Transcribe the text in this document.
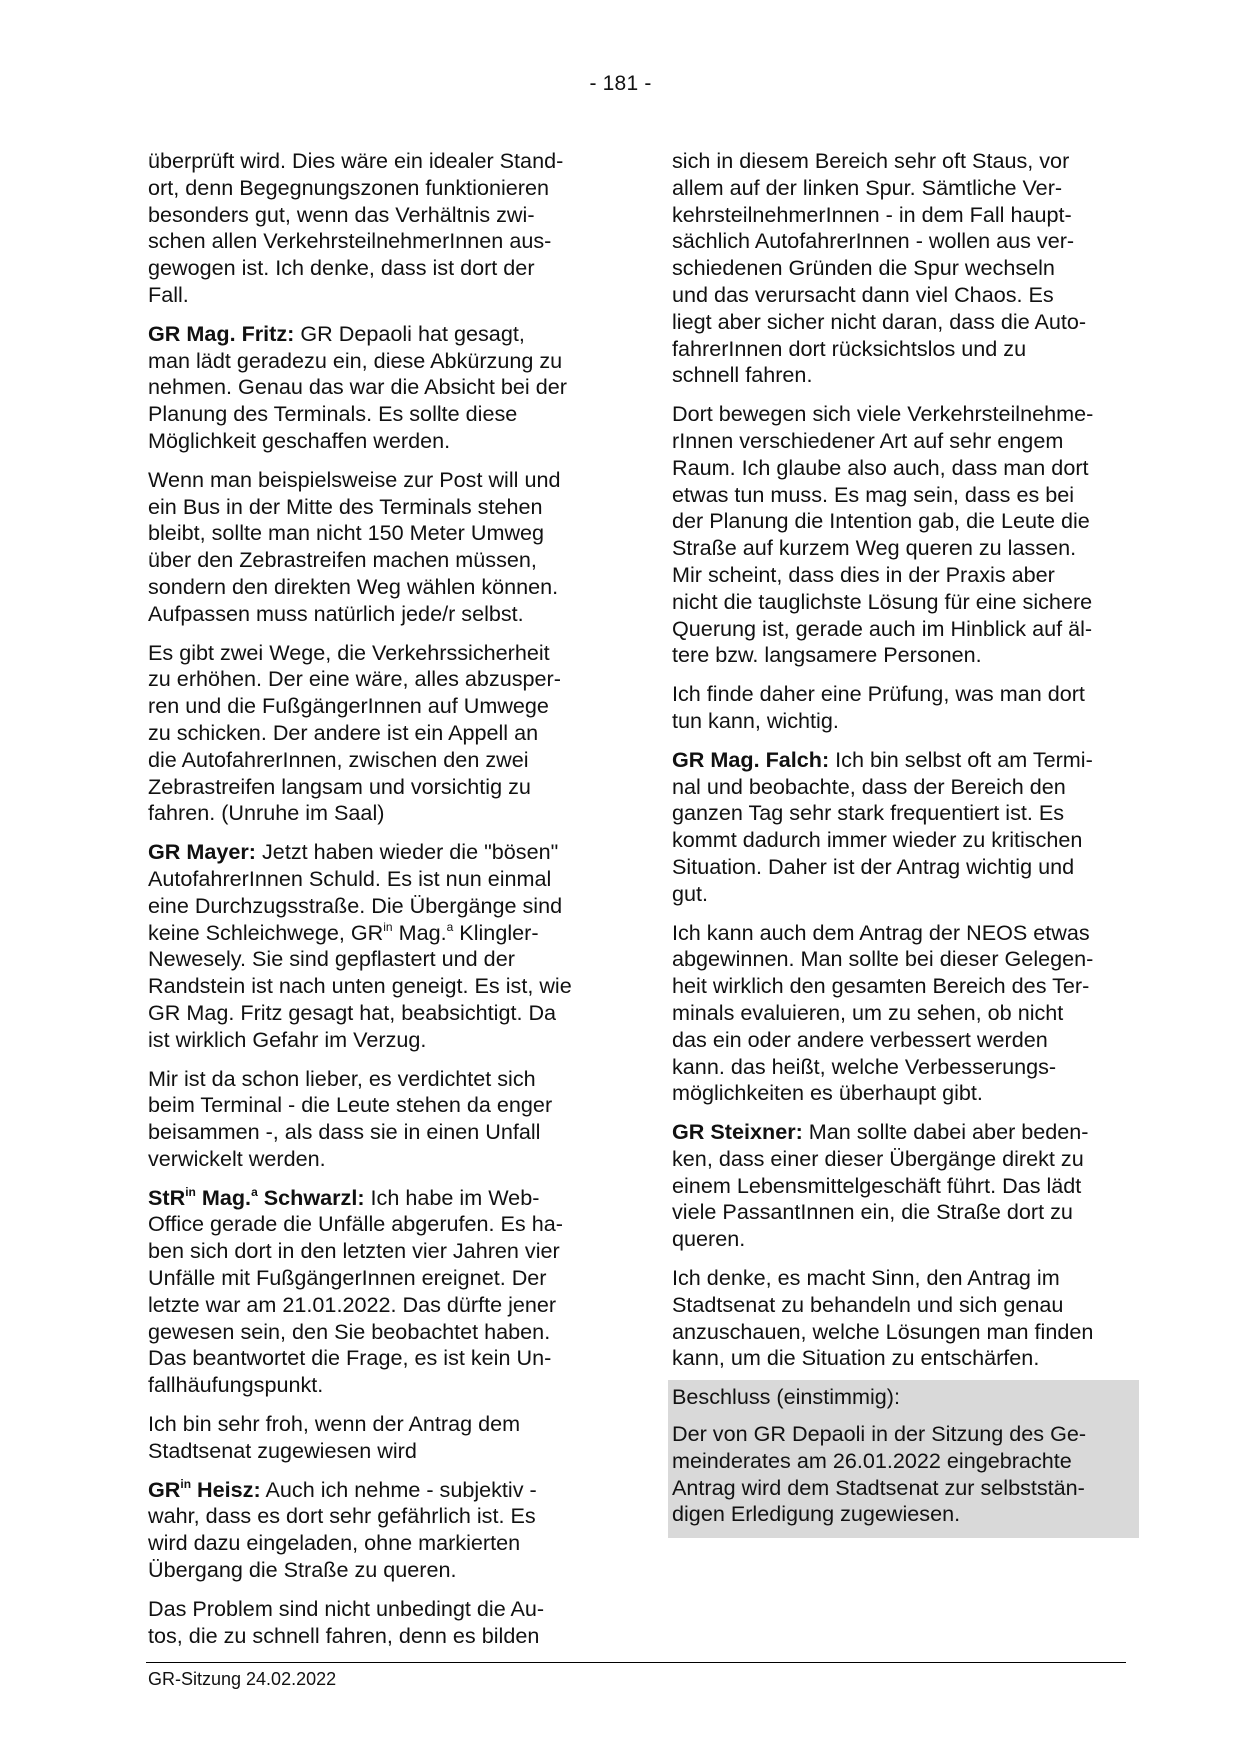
- 181 -

überprüft wird. Dies wäre ein idealer Stand-
ort, denn Begegnungszonen funktionieren
besonders gut, wenn das Verhältnis zwi-
schen allen VerkehrsteilnehmerInnen aus-
gewogen ist. Ich denke, dass ist dort der
Fall.

GR Mag. Fritz: GR Depaoli hat gesagt,
man lädt geradezu ein, diese Abkürzung zu
nehmen. Genau das war die Absicht bei der
Planung des Terminals. Es sollte diese
Möglichkeit geschaffen werden.

Wenn man beispielsweise zur Post will und
ein Bus in der Mitte des Terminals stehen
bleibt, sollte man nicht 150 Meter Umweg
über den Zebrastreifen machen müssen,
sondern den direkten Weg wählen können.
Aufpassen muss natürlich jede/r selbst.

Es gibt zwei Wege, die Verkehrssicherheit
zu erhöhen. Der eine wäre, alles abzusper-
ren und die FußgängerInnen auf Umwege
zu schicken. Der andere ist ein Appell an
die AutofahrerInnen, zwischen den zwei
Zebrastreifen langsam und vorsichtig zu
fahren. (Unruhe im Saal)

GR Mayer: Jetzt haben wieder die "bösen"
AutofahrerInnen Schuld. Es ist nun einmal
eine Durchzugsstraße. Die Übergänge sind
keine Schleichwege, $GR^{in}$ Mag.$^a$ Klingler-
Newesely. Sie sind gepflastert und der
Randstein ist nach unten geneigt. Es ist, wie
GR Mag. Fritz gesagt hat, beabsichtigt. Da
ist wirklich Gefahr im Verzug.

Mir ist da schon lieber, es verdichtet sich
beim Terminal - die Leute stehen da enger
beisammen -, als dass sie in einen Unfall
verwickelt werden.

StR$^{in}$ Mag.$^a$ Schwarzl: Ich habe im Web-
Office gerade die Unfälle abgerufen. Es ha-
ben sich dort in den letzten vier Jahren vier
Unfälle mit FußgängerInnen ereignet. Der
letzte war am 21.01.2022. Das dürfte jener
gewesen sein, den Sie beobachtet haben.
Das beantwortet die Frage, es ist kein Un-
fallhäufungspunkt.

Ich bin sehr froh, wenn der Antrag dem
Stadtsenat zugewiesen wird

$GR^{in}$ Heisz: Auch ich nehme - subjektiv -
wahr, dass es dort sehr gefährlich ist. Es
wird dazu eingeladen, ohne markierten
Übergang die Straße zu queren.

Das Problem sind nicht unbedingt die Au-
tos, die zu schnell fahren, denn es bilden

sich in diesem Bereich sehr oft Staus, vor
allem auf der linken Spur. Sämtliche Ver-
kehrsteilnehmerInnen - in dem Fall haupt-
sächlich AutofahrerInnen - wollen aus ver-
schiedenen Gründen die Spur wechseln
und das verursacht dann viel Chaos. Es
liegt aber sicher nicht daran, dass die Auto-
fahrerInnen dort rücksichtslos und zu
schnell fahren.

Dort bewegen sich viele Verkehrsteilnehme-
rInnen verschiedener Art auf sehr engem
Raum. Ich glaube also auch, dass man dort
etwas tun muss. Es mag sein, dass es bei
der Planung die Intention gab, die Leute die
Straße auf kurzem Weg queren zu lassen.
Mir scheint, dass dies in der Praxis aber
nicht die tauglichste Lösung für eine sichere
Querung ist, gerade auch im Hinblick auf äl-
tere bzw. langsamere Personen.

Ich finde daher eine Prüfung, was man dort
tun kann, wichtig.

GR Mag. Falch: Ich bin selbst oft am Termi-
nal und beobachte, dass der Bereich den
ganzen Tag sehr stark frequentiert ist. Es
kommt dadurch immer wieder zu kritischen
Situation. Daher ist der Antrag wichtig und
gut.

Ich kann auch dem Antrag der NEOS etwas
abgewinnen. Man sollte bei dieser Gelegen-
heit wirklich den gesamten Bereich des Ter-
minals evaluieren, um zu sehen, ob nicht
das ein oder andere verbessert werden
kann. das heißt, welche Verbesserungs-
möglichkeiten es überhaupt gibt.

GR Steixner: Man sollte dabei aber beden-
ken, dass einer dieser Übergänge direkt zu
einem Lebensmittelgeschäft führt. Das lädt
viele PassantInnen ein, die Straße dort zu
queren.

Ich denke, es macht Sinn, den Antrag im
Stadtsenat zu behandeln und sich genau
anzuschauen, welche Lösungen man finden
kann, um die Situation zu entschärfen.

Beschluss (einstimmig):

Der von GR Depaoli in der Sitzung des Ge-
meinderates am 26.01.2022 eingebrachte
Antrag wird dem Stadtsenat zur selbststän-
digen Erledigung zugewiesen.

GR-Sitzung 24.02.2022
